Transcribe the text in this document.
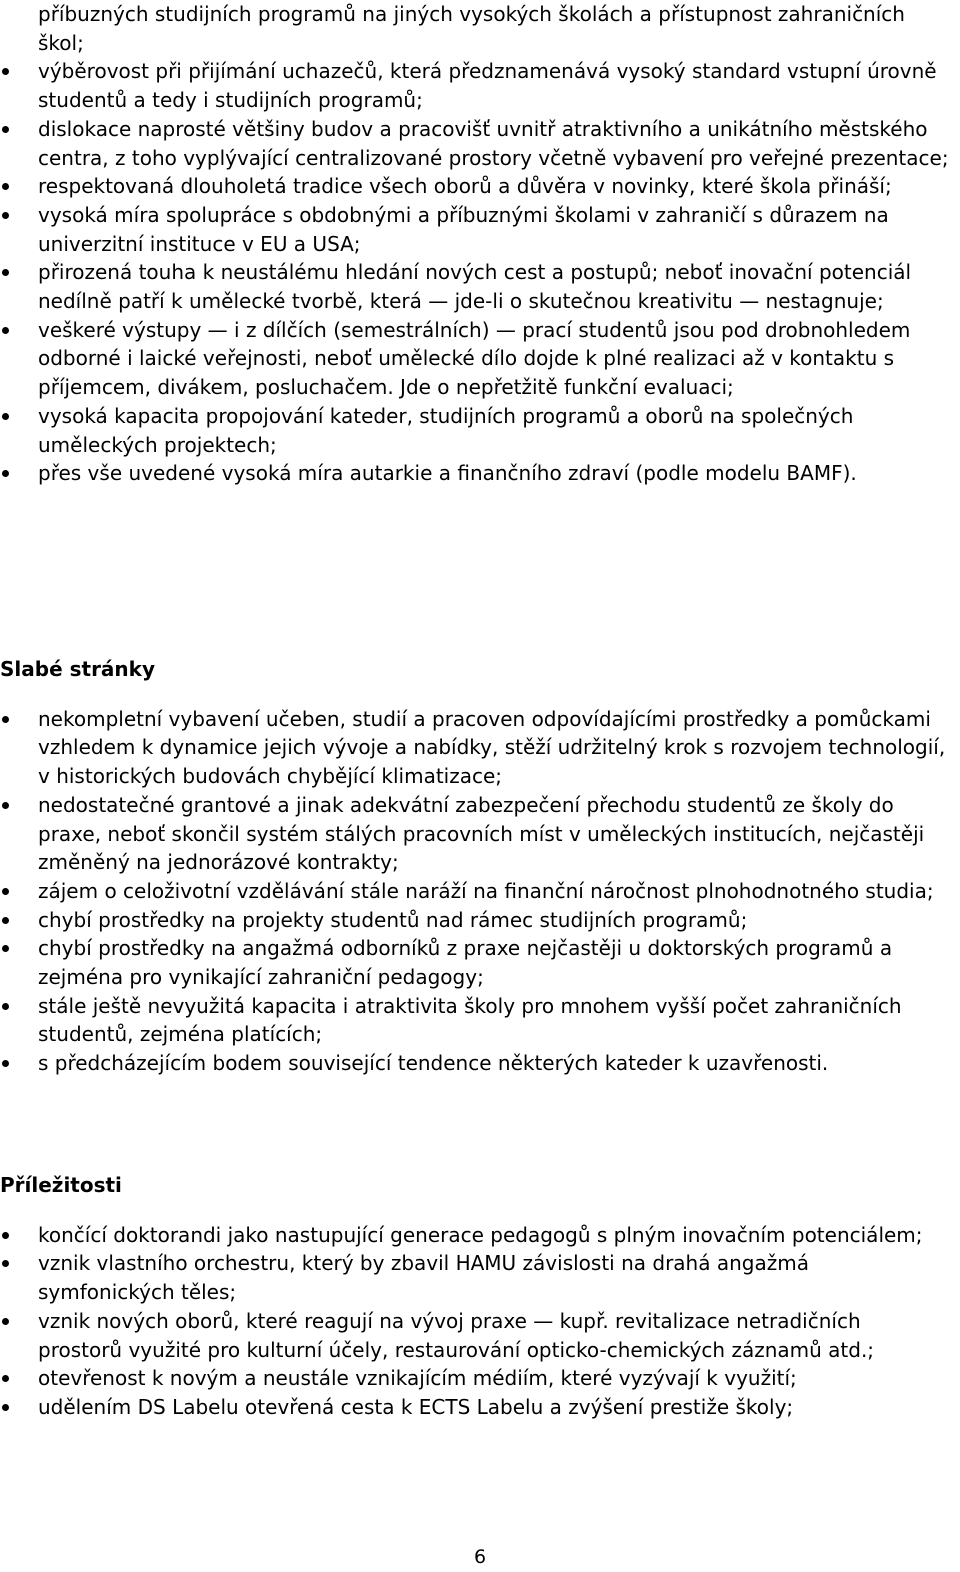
příbuzných studijních programů na jiných vysokých školách a přístupnost zahraničních škol;

výběrovost při přijímání uchazečů, která předznamenává vysoký standard vstupní úrovně studentů a tedy i studijních programů;
dislokace naprosté většiny budov a pracovišť uvnitř atraktivního a unikátního městského centra, z toho vyplývající centralizované prostory včetně vybavení pro veřejné prezentace;
respektovaná dlouholetá tradice všech oborů a důvěra v novinky, které škola přináší;
vysoká míra spolupráce s obdobnými a příbuznými školami v zahraničí s důrazem na univerzitní instituce v EU a USA;
přirozená touha k neustálému hledání nových cest a postupů; neboť inovační potenciál nedílně patří k umělecké tvorbě, která — jde-li o skutečnou kreativitu — nestagnuje;
veškeré výstupy — i z dílčích (semestrálních) — prací studentů jsou pod drobnohledem odborné i laické veřejnosti, neboť umělecké dílo dojde k plné realizaci až v kontaktu s příjemcem, divákem, posluchačem. Jde o nepřetžitě funkční evaluaci;
vysoká kapacita propojování kateder, studijních programů a oborů na společných uměleckých projektech;
přes vše uvedené vysoká míra autarkie a finančního zdraví (podle modelu BAMF).
Slabé stránky
nekompletní vybavení učeben, studií a pracoven odpovídajícími prostředky a pomůckami vzhledem k dynamice jejich vývoje a nabídky, stěží udržitelný krok s rozvojem technologií, v historických budovách chybějící klimatizace;
nedostatečné grantové a jinak adekvátní zabezpečení přechodu studentů ze školy do praxe, neboť skončil systém stálých pracovních míst v uměleckých institucích, nejčastěji změněný na jednorázové kontrakty;
zájem o celoživotní vzdělávání stále naráží na finanční náročnost plnohodnotného studia;
chybí prostředky na projekty studentů nad rámec studijních programů;
chybí prostředky na angažmá odborníků z praxe nejčastěji u doktorských programů a zejména pro vynikající zahraniční pedagogy;
stále ještě nevyužitá kapacita i atraktivita školy pro mnohem vyšší počet zahraničních studentů, zejména platících;
s předcházejícím bodem související tendence některých kateder k uzavřenosti.
Příležitosti
končící doktorandi jako nastupující generace pedagogů s plným inovačním potenciálem;
vznik vlastního orchestru, který by zbavil HAMU závislosti na drahá angažmá symfonických těles;
vznik nových oborů, které reagují na vývoj praxe — kupř. revitalizace netradičních prostorů využité pro kulturní účely, restaurování opticko-chemických záznamů atd.;
otevřenost k novým a neustále vznikajícím médiím, které vyzývají k využití;
udělením DS Labelu otevřená cesta k ECTS Labelu a zvýšení prestiže školy;
6
